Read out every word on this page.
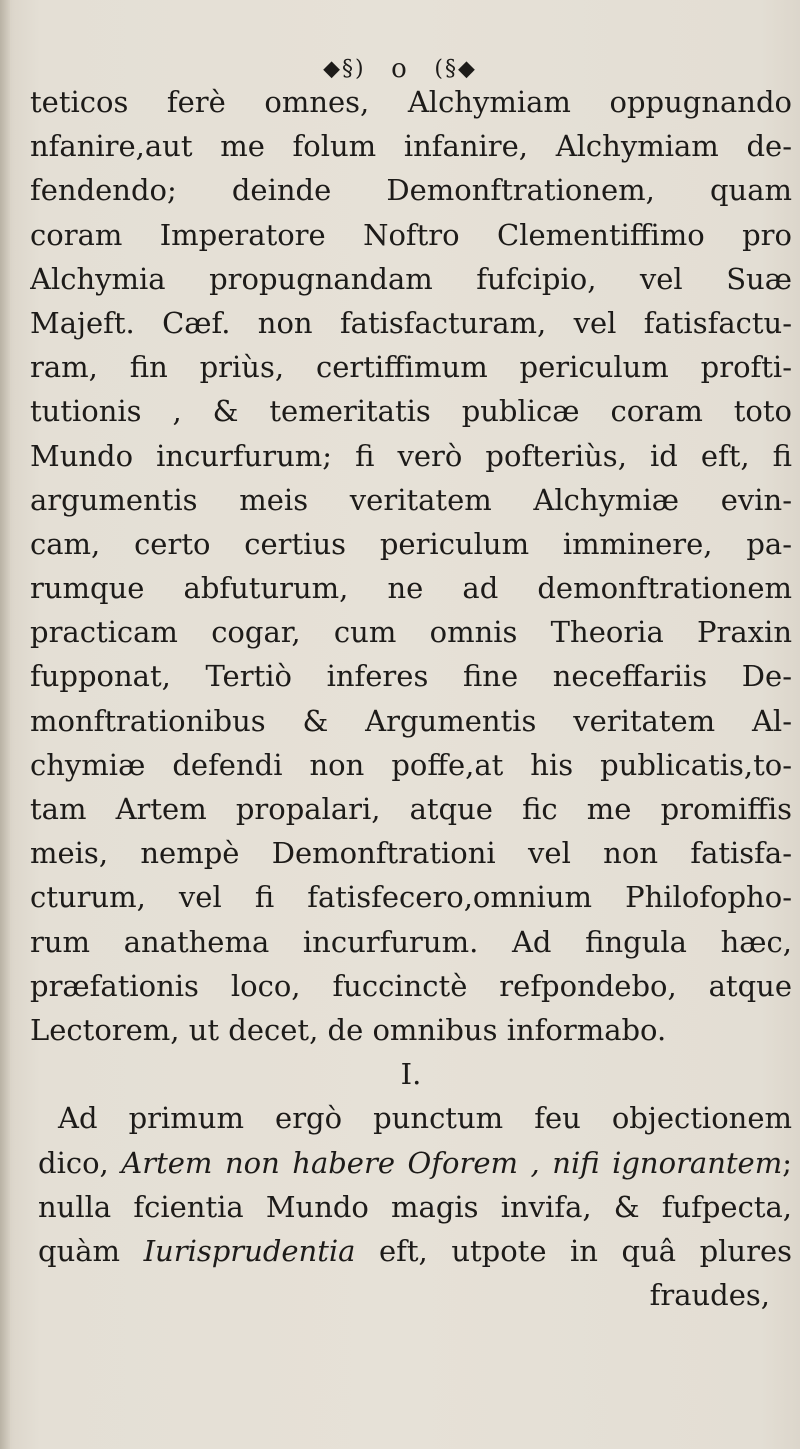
◆§) o (§◆
teticos ferè omnes, Alchymiam oppugnando
nfanire,aut me folum infanire, Alchymiam de-
fendendo; deinde Demonftrationem, quam
coram Imperatore Noftro Clementiffimo pro
Alchymia propugnandam fufcipio, vel Suæ
Majeft. Cæf. non fatisfacturam, vel fatisfactu-
ram, fin priùs, certiffimum periculum profti-
tutionis , & temeritatis publicæ coram toto
Mundo incurfurum; fi verò pofteriùs, id eft, fi
argumentis meis veritatem Alchymiæ evin-
cam, certo certius periculum imminere, pa-
rumque abfuturum, ne ad demonftrationem
practicam cogar, cum omnis Theoria Praxin
fupponat, Tertiò inferes fine neceffariis De-
monftrationibus & Argumentis veritatem Al-
chymiæ defendi non poffe,at his publicatis,to-
tam Artem propalari, atque fic me promiffis
meis, nempè Demonftrationi vel non fatisfa-
cturum, vel fi fatisfecero,omnium Philofopho-
rum anathema incurfurum. Ad fingula hæc,
præfationis loco, fuccinctè refpondebo, atque
Lectorem, ut decet, de omnibus informabo.
I.
Ad primum ergò punctum feu objectionem
dico, Artem non habere Oforem , nifi ignorantem;
nulla fcientia Mundo magis invifa, & fufpecta,
quàm Iurisprudentia eft, utpote in quâ plures
fraudes,
